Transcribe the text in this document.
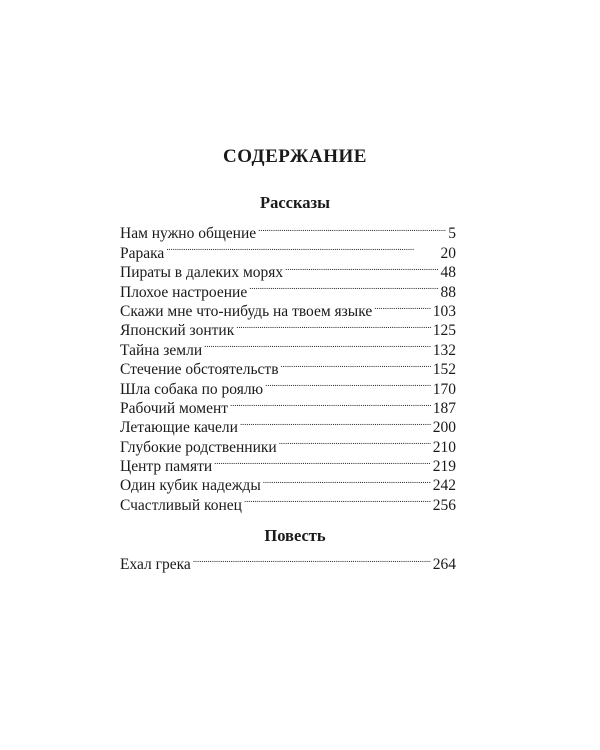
СОДЕРЖАНИЕ
Рассказы
Нам нужно общение . . .	5
Рарака . . .	20
Пираты в далеких морях . . .	48
Плохое настроение . . .	88
Скажи мне что-нибудь на твоем языке . . .	103
Японский зонтик . . .	125
Тайна земли . . .	132
Стечение обстоятельств . . .	152
Шла собака по роялю . . .	170
Рабочий момент . . .	187
Летающие качели . . .	200
Глубокие родственники . . .	210
Центр памяти . . .	219
Один кубик надежды . . .	242
Счастливый конец . . .	256
Повесть
Ехал грека . . .	264
